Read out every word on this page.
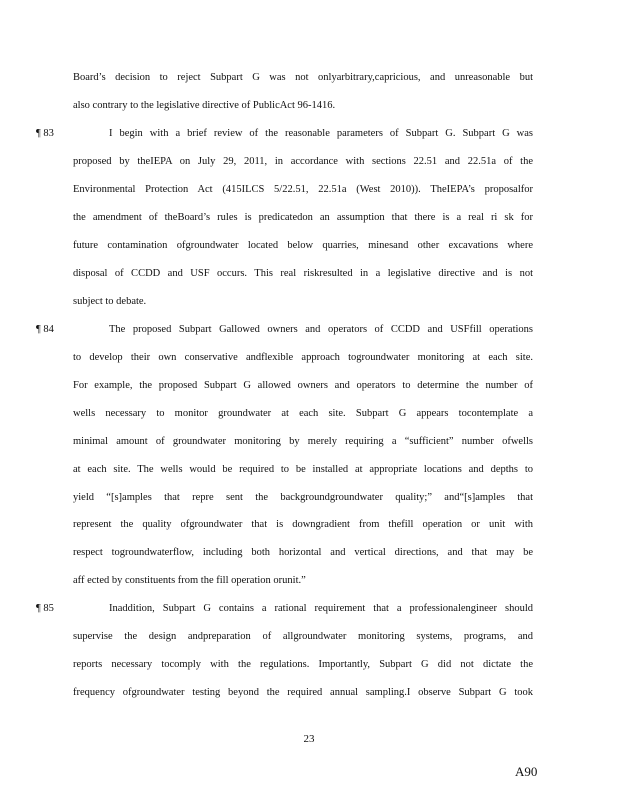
Board’s decision to reject Subpart G was not onlyarbitrary,capricious, and unreasonable but
also contrary to the legislative directive of PublicAct 96-1416.
¶ 83	I begin with a brief review of the reasonable parameters of Subpart G. Subpart G was
proposed by theIEPA on July 29, 2011, in accordance with sections 22.51 and 22.51a of the
Environmental Protection Act (415ILCS 5/22.51, 22.51a (West 2010)). TheIEPA’s proposalfor
the amendment of theBoard’s rules is predicatedon an assumption that there is a real ri sk for
future contamination ofgroundwater located below quarries, minesand other excavations where
disposal of CCDD and USF occurs. This real riskresulted in a legislative directive and is not
subject to debate.
¶ 84	The proposed Subpart Gallowed owners and operators of CCDD and USFfill operations
to develop their own conservative andflexible approach togroundwater monitoring at each site.
For example, the proposed Subpart G allowed owners and operators to determine the number of
wells necessary to monitor groundwater at each site. Subpart G appears tocontemplate a
minimal amount of groundwater monitoring by merely requiring a “sufficient” number ofwells
at each site. The wells would be required to be installed at appropriate locations and depths to
yield “[s]amples that repre sent the backgroundgroundwater quality;” and“[s]amples that
represent the quality ofgroundwater that is downgradient from thefill operation or unit with
respect togroundwaterflow, including both horizontal and vertical directions, and that may be
aff ected by constituents from the fill operation orunit.”
¶ 85	Inaddition, Subpart G contains a rational requirement that a professionalengineer should
supervise the design andpreparation of allgroundwater monitoring systems, programs, and
reports necessary tocomply with the regulations. Importantly, Subpart G did not dictate the
frequency ofgroundwater testing beyond the required annual sampling.I observe Subpart G took
23
A90
